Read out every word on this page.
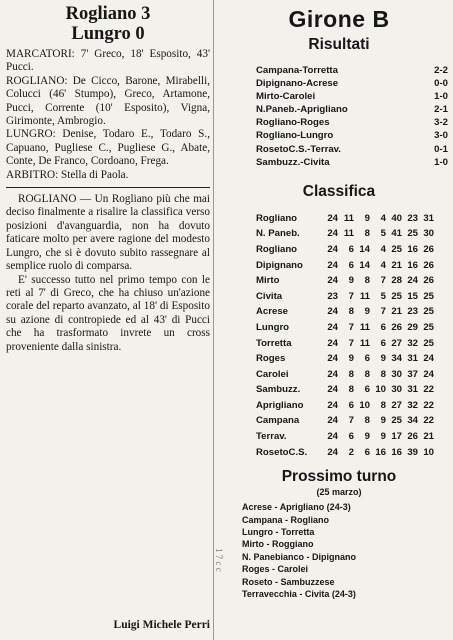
Rogliano 3
Lungro 0

MARCATORI: 7' Greco, 18' Esposito, 43' Pucci.

ROGLIANO: De Cicco, Barone, Mirabelli, Colucci (46' Stumpo), Greco, Artamone, Pucci, Corrente (10' Esposito), Vigna, Girimonte, Ambrogio.

LUNGRO: Denise, Todaro E., Todaro S., Capuano, Pugliese C., Pugliese G., Abate, Conte, De Franco, Cordoano, Frega.

ARBITRO: Stella di Paola.

ROGLIANO — Un Rogliano più che mai deciso finalmente a risalire la classifica verso posizioni d'avanguardia, non ha dovuto faticare molto per avere ragione del modesto Lungro, che si è dovuto subito rassegnare al semplice ruolo di comparsa.

E' successo tutto nel primo tempo con le reti al 7' di Greco, che ha chiuso un'azione corale del reparto avanzato, al 18' di Esposito su azione di contropiede ed al 43' di Pucci che ha trasformato invrete un cross proveniente dalla sinistra.

Luigi Michele Perri
1 7 c c
Girone B
Risultati
Campana-Torretta	2-2
Dipignano-Acrese	0-0
Mirto-Carolei	1-0
N.Paneb.-Aprigliano	2-1
Rogliano-Roges	3-2
Rogliano-Lungro	3-0
RosetoC.S.-Terrav.	0-1
Sambuzz.-Civita	1-0
Classifica
Rogliano	24	11	9	4	40	23	31
N. Paneb.	24	11	8	5	41	25	30
Rogliano	24	6	14	4	25	16	26
Dipignano	24	6	14	4	21	16	26
Mirto	24	9	8	7	28	24	26
Civita	23	7	11	5	25	15	25
Acrese	24	8	9	7	21	23	25
Lungro	24	7	11	6	26	29	25
Torretta	24	7	11	6	27	32	25
Roges	24	9	6	9	34	31	24
Carolei	24	8	8	8	30	37	24
Sambuzz.	24	8	6	10	30	31	22
Aprigliano	24	6	10	8	27	32	22
Campana	24	7	8	9	25	34	22
Terrav.	24	6	9	9	17	26	21
RosetoC.S.	24	2	6	16	16	39	10
Prossimo turno
(25 marzo)
Acrese - Aprigliano (24-3)
Campana - Rogliano
Lungro - Torretta
Mirto - Roggiano
N. Panebianco - Dipignano
Roges - Carolei
Roseto - Sambuzzese
Terravecchia - Civita (24-3)
